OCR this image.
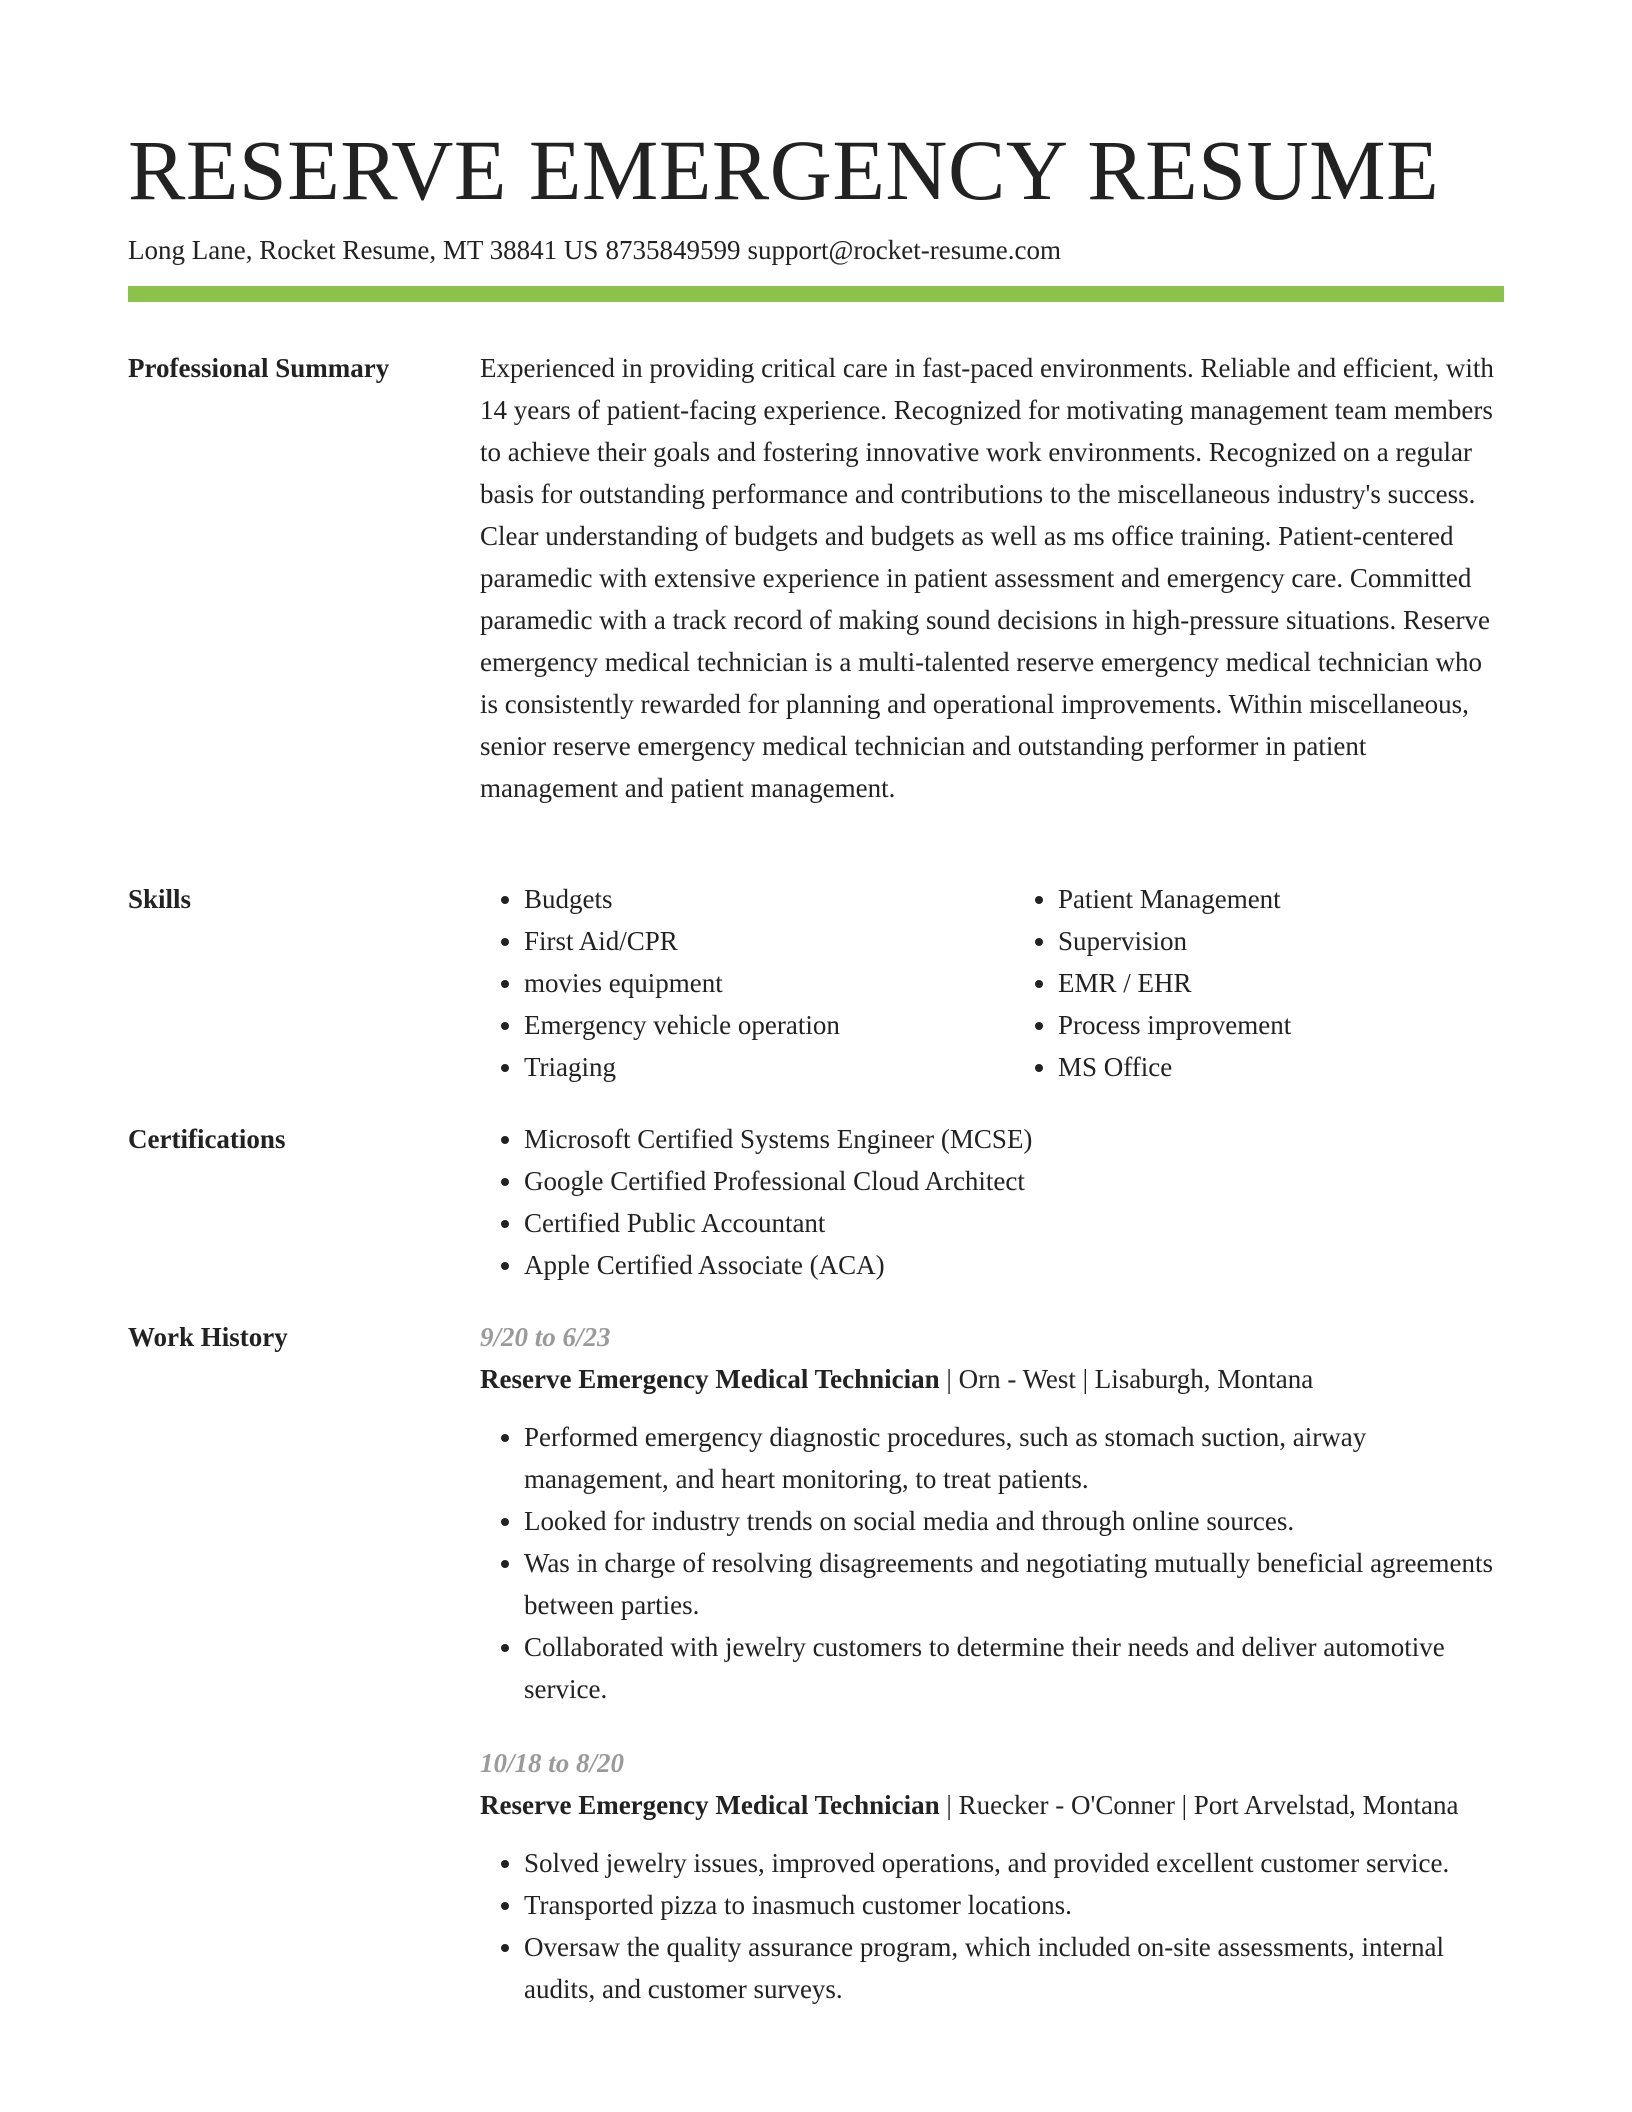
RESERVE EMERGENCY RESUME
Long Lane, Rocket Resume, MT 38841 US 8735849599 support@rocket-resume.com
Professional Summary	Experienced in providing critical care in fast-paced environments. Reliable and efficient, with 14 years of patient-facing experience. Recognized for motivating management team members to achieve their goals and fostering innovative work environments. Recognized on a regular basis for outstanding performance and contributions to the miscellaneous industry's success. Clear understanding of budgets and budgets as well as ms office training. Patient-centered paramedic with extensive experience in patient assessment and emergency care. Committed paramedic with a track record of making sound decisions in high-pressure situations. Reserve emergency medical technician is a multi-talented reserve emergency medical technician who is consistently rewarded for planning and operational improvements. Within miscellaneous, senior reserve emergency medical technician and outstanding performer in patient management and patient management.

Skills	• Budgets
• First Aid/CPR
• movies equipment
• Emergency vehicle operation
• Triaging
• Patient Management
• Supervision
• EMR / EHR
• Process improvement
• MS Office
Certifications	• Microsoft Certified Systems Engineer (MCSE)
• Google Certified Professional Cloud Architect
• Certified Public Accountant
• Apple Certified Associate (ACA)
Work History	9/20 to 6/23
Reserve Emergency Medical Technician | Orn - West | Lisaburgh, Montana
• Performed emergency diagnostic procedures, such as stomach suction, airway management, and heart monitoring, to treat patients.
• Looked for industry trends on social media and through online sources.
• Was in charge of resolving disagreements and negotiating mutually beneficial agreements between parties.
• Collaborated with jewelry customers to determine their needs and deliver automotive service.
10/18 to 8/20
Reserve Emergency Medical Technician | Ruecker - O'Conner | Port Arvelstad, Montana
• Solved jewelry issues, improved operations, and provided excellent customer service.
• Transported pizza to inasmuch customer locations.
• Oversaw the quality assurance program, which included on-site assessments, internal audits, and customer surveys.
